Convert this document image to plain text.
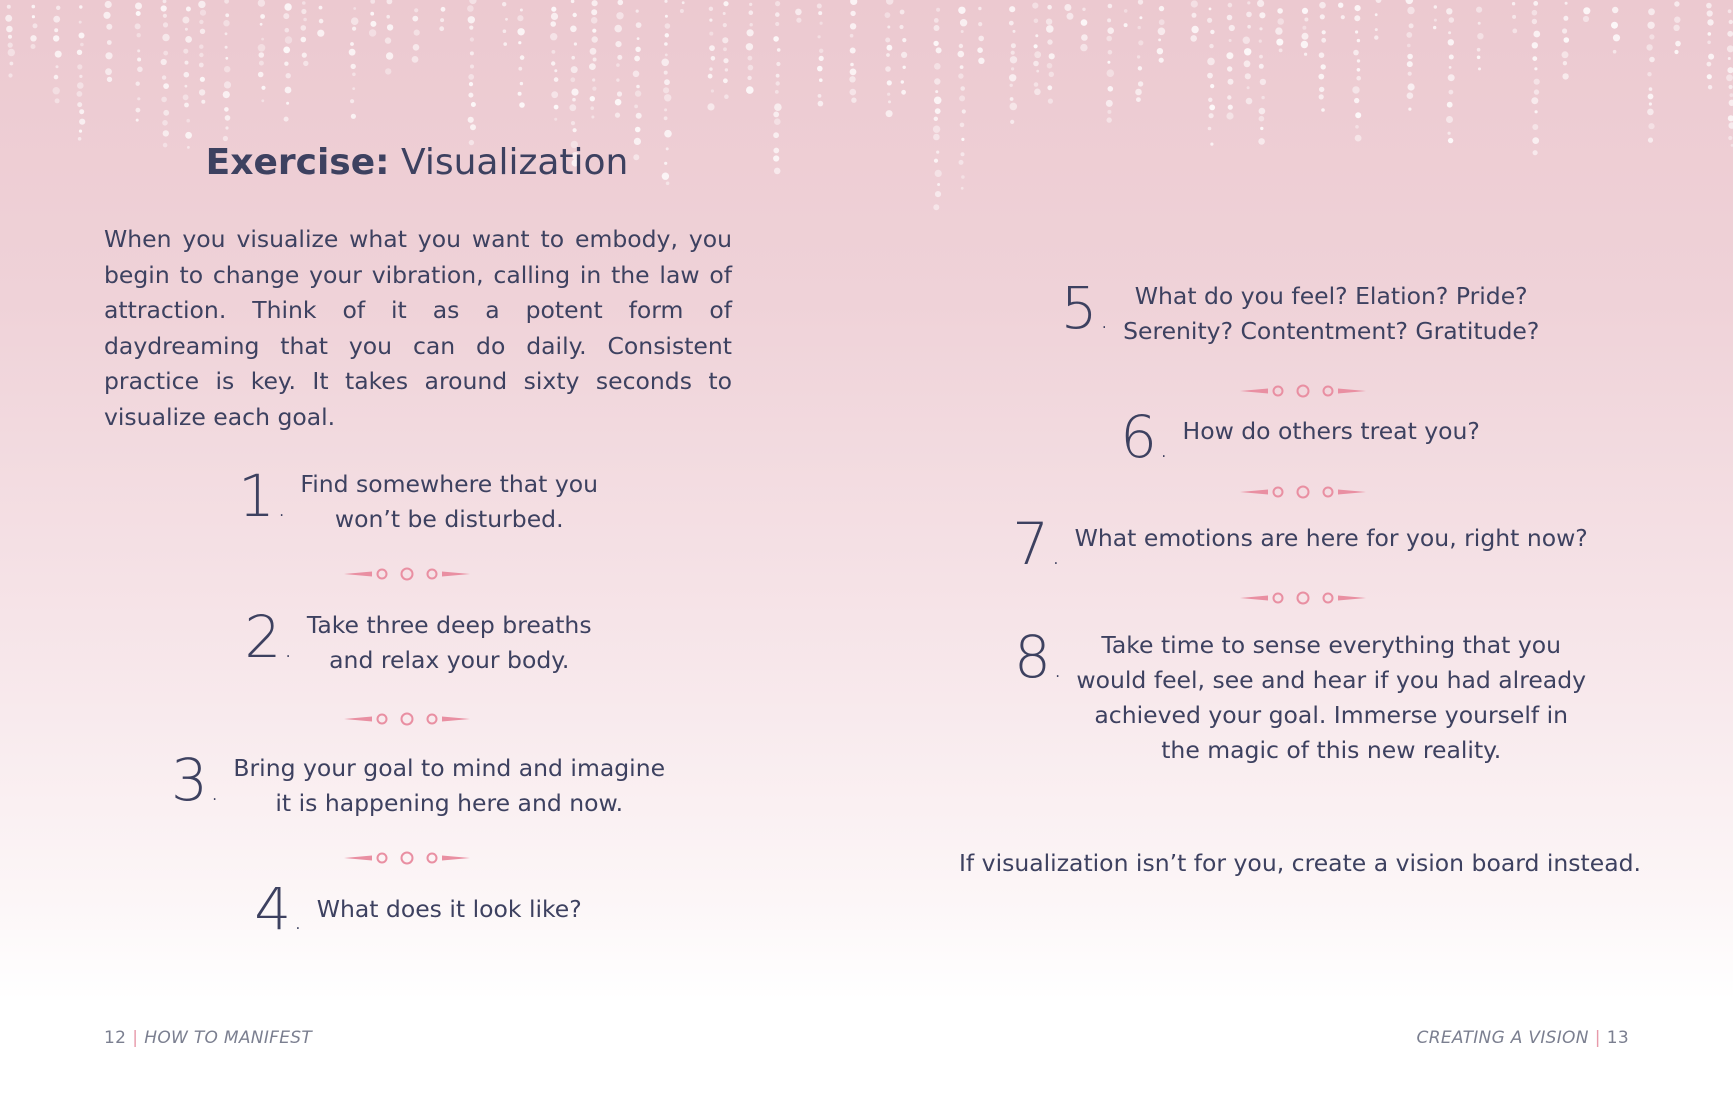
Exercise: Visualization
When you visualize what you want to embody, you begin to change your vibration, calling in the law of attraction. Think of it as a potent form of daydreaming that you can do daily. Consistent practice is key. It takes around sixty seconds to visualize each goal.
1 .	Find somewhere that you
won’t be disturbed.
2 .	Take three deep breaths
and relax your body.
3 .	Bring your goal to mind and imagine
it is happening here and now.
4 .	What does it look like?
5 .	What do you feel? Elation? Pride?
Serenity? Contentment? Gratitude?
6 .	How do others treat you?
7 .	What emotions are here for you, right now?
8 .	Take time to sense everything that you
would feel, see and hear if you had already
achieved your goal. Immerse yourself in
the magic of this new reality.
If visualization isn’t for you, create a vision board instead.
12 | HOW TO MANIFEST	CREATING A VISION | 13
